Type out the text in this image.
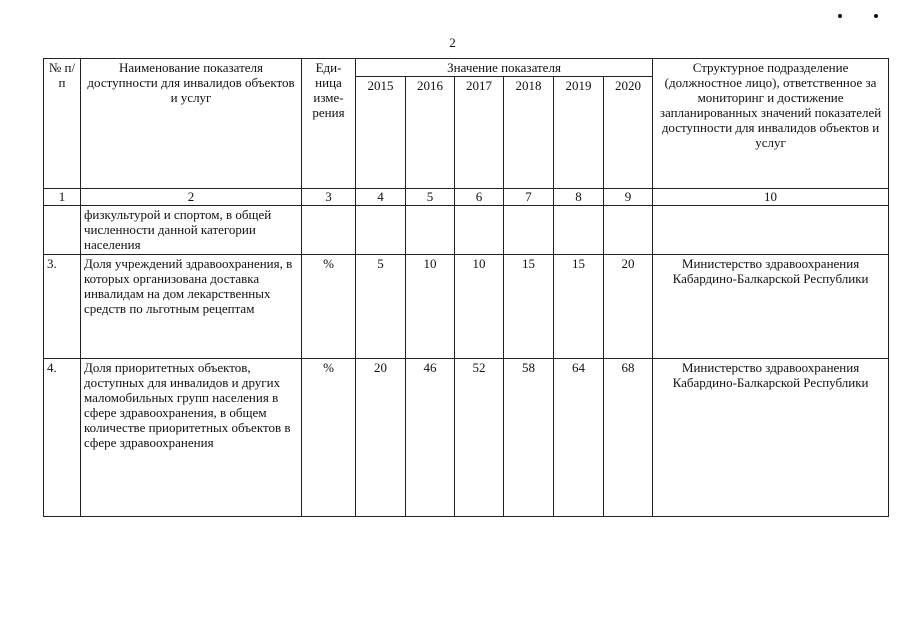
2
№ п/п	Наименование показателя доступности для инвалидов объектов и услуг	Еди-ница изме-рения	Значение показателя						Структурное подразделение (должностное лицо), ответственное за мониторинг и достижение запланированных значений показателей доступности для инвалидов объектов и услуг
			2015	2016	2017	2018	2019	2020	
1	2	3	4	5	6	7	8	9	10
	физкультурой и спортом, в общей численности данной категории населения								
3.	Доля учреждений здравоохранения, в которых организована доставка инвалидам на дом лекарственных средств по льготным рецептам	%	5	10	10	15	15	20	Министерство здравоохранения Кабардино-Балкарской Республики
4.	Доля приоритетных объектов, доступных для инвалидов и других маломобильных групп населения в сфере здравоохранения, в общем количестве приоритетных объектов в сфере здравоохранения	%	20	46	52	58	64	68	Министерство здравоохранения Кабардино-Балкарской Республики
